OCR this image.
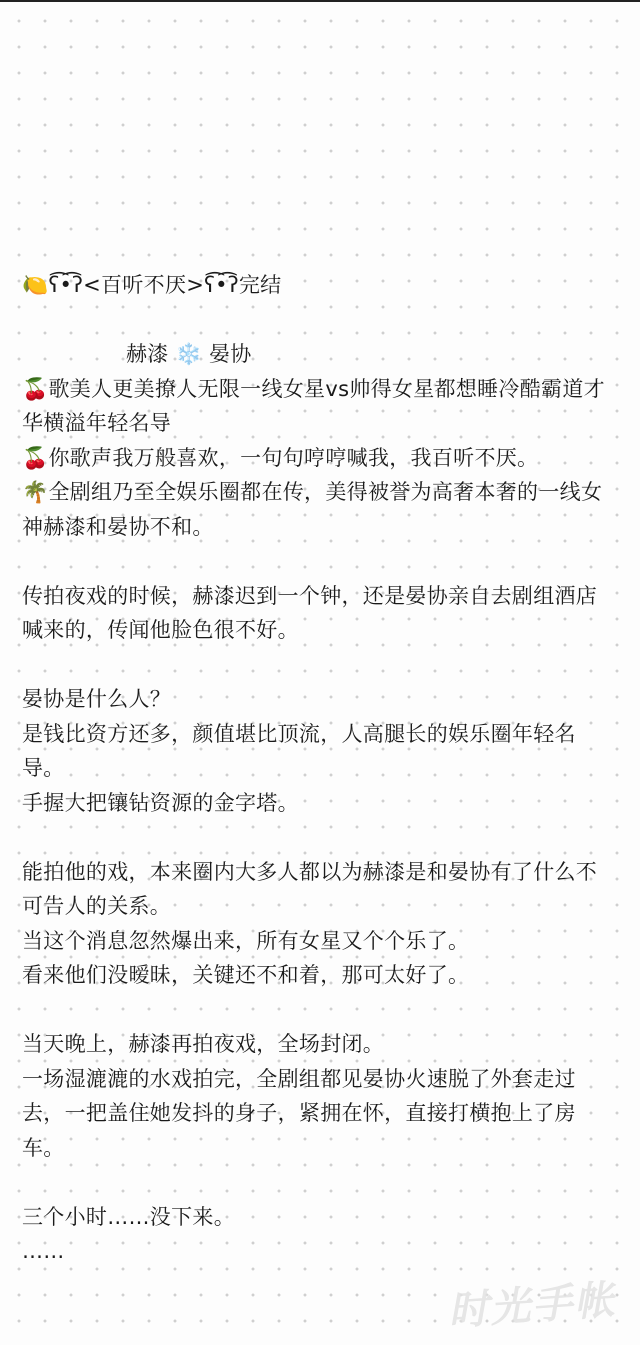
🍋ʕ͡•͡ʔ<百听不厌>ʕ͡•͡ʔ完结
赫漆 ❄️ 晏协
🍒歌美人更美撩人无限一线女星vs帅得女星都想睡冷酷霸道才华横溢年轻名导
🍒你歌声我万般喜欢，一句句哼哼喊我，我百听不厌。
🌴全剧组乃至全娱乐圈都在传，美得被誉为高奢本奢的一线女神赫漆和晏协不和。
传拍夜戏的时候，赫漆迟到一个钟，还是晏协亲自去剧组酒店喊来的，传闻他脸色很不好。
晏协是什么人？
是钱比资方还多，颜值堪比顶流，人高腿长的娱乐圈年轻名导。
手握大把镶钻资源的金字塔。
能拍他的戏，本来圈内大多人都以为赫漆是和晏协有了什么不可告人的关系。
当这个消息忽然爆出来，所有女星又个个乐了。
看来他们没暧昧，关键还不和着，那可太好了。
当天晚上，赫漆再拍夜戏，全场封闭。
一场湿漉漉的水戏拍完，全剧组都见晏协火速脱了外套走过去，一把盖住她发抖的身子，紧拥在怀，直接打横抱上了房车。
三个小时……没下来。
……
时光手帐
